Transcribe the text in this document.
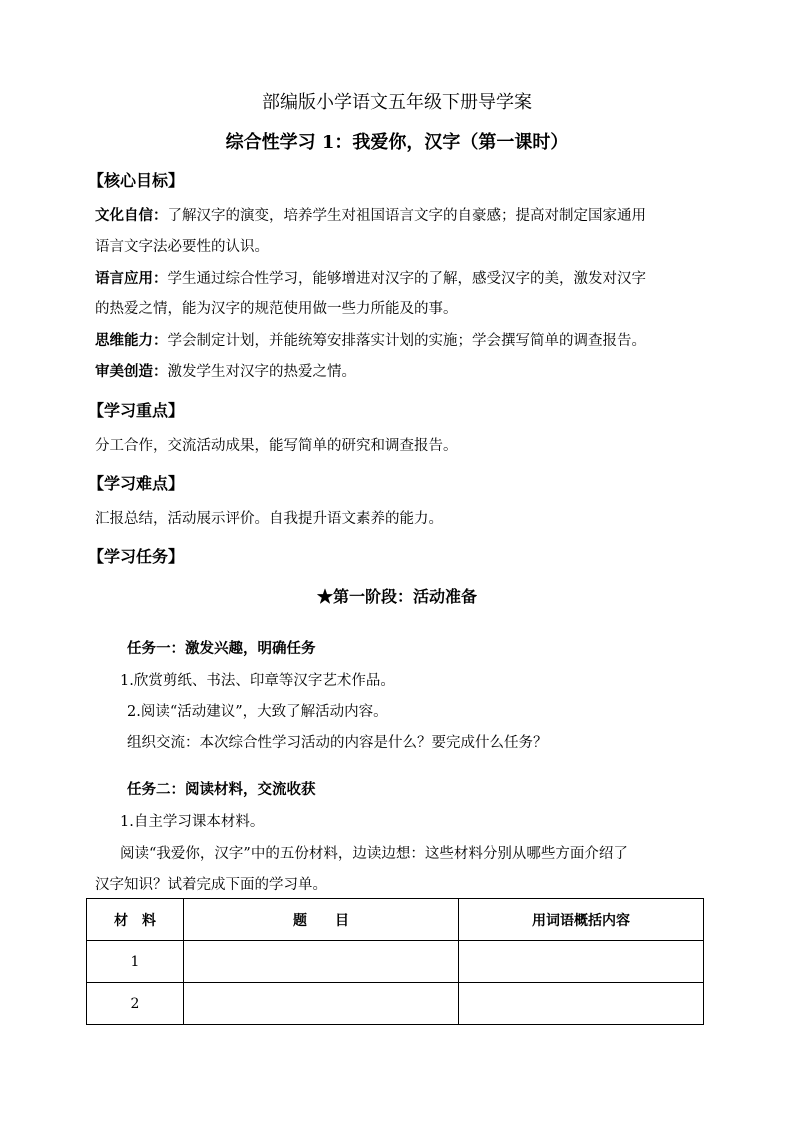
部编版小学语文五年级下册导学案
综合性学习 1：我爱你，汉字（第一课时）
【核心目标】
文化自信：了解汉字的演变，培养学生对祖国语言文字的自豪感；提高对制定国家通用
语言文字法必要性的认识。
语言应用：学生通过综合性学习，能够增进对汉字的了解，感受汉字的美，激发对汉字
的热爱之情，能为汉字的规范使用做一些力所能及的事。
思维能力：学会制定计划，并能统筹安排落实计划的实施；学会撰写简单的调查报告。
审美创造：激发学生对汉字的热爱之情。
【学习重点】
分工合作，交流活动成果，能写简单的研究和调查报告。
【学习难点】
汇报总结，活动展示评价。自我提升语文素养的能力。
【学习任务】
★第一阶段：活动准备
任务一：激发兴趣，明确任务
1.欣赏剪纸、书法、印章等汉字艺术作品。
2.阅读“活动建议”，大致了解活动内容。
组织交流：本次综合性学习活动的内容是什么？要完成什么任务？
任务二：阅读材料，交流收获
1.自主学习课本材料。
阅读“我爱你，汉字”中的五份材料，边读边想：这些材料分别从哪些方面介绍了
汉字知识？试着完成下面的学习单。
材　料	题　　目	用词语概括内容
1		
2		
